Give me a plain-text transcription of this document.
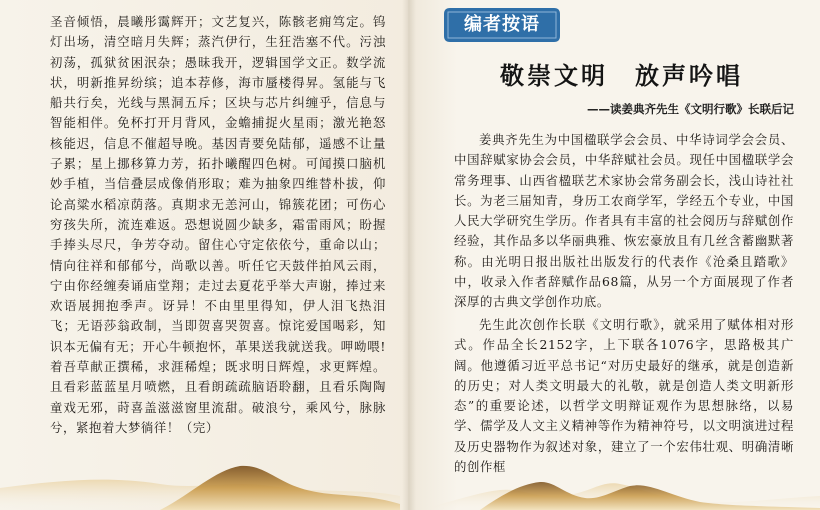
圣音倾悟，晨曦彤霭辉开；文艺复兴，陈骸老痈笃定。钨灯出场，清空暗月失辉；蒸汽伊行，生狂浩塞不代。污浊初荡，孤狱贫困泯杂；愚昧我开，逻辑国学文正。数学流状，明新推昇纷缤；追本荐修，海市蜃楼得昇。氢能与飞船共行矣，光线与黑洞五斥；区块与芯片纠缠乎，信息与智能相伴。免杯打开月背风，金蟾捕捉火星雨；激光艳怒核能迟，信息不催超导晚。基因青要免陆郁，遥感不让量子累；星上挪移算力芳，拓扑曦醒四色树。可闻摸口脑机妙手植，当信叠层成像俏形取；难为抽象四维替朴拔，仰论高粱水稻凉荫落。真期求无恙河山，锦簇花团；可伤心穷孩失所，流连难返。恐想说圆少缺多，霜雷雨风；盼握手捧头尽尺，争芳夺动。留住心守定依依兮，重命以山；情向往祥和郁郁兮，尚歌以善。听任它天鼓伴拍风云雨，宁由你经缠奏诵庙堂翔；走过去夏花乎举大声谢，捧过来欢语展拥抱季声。讶异！不由里里得知，伊人泪飞热泪飞；无语莎翁政制，当即贺喜哭贺喜。惊诧爱国喝彩，知识本无偏有无；开心牛顿抱怀，革果送我就送我。呷呦喂!着吾草献正撰稀，求涯稀煌；既求明日辉煌，求更辉煌。且看彩蓝蓝星月喷燃，且看朗疏疏脑语聆翻，且看乐陶陶童戏无邪，莳喜盖滋滋窗里流甜。破浪兮，乘风兮，脉脉兮，紧抱着大梦徜徉！（完）

编者按语
敬崇文明　放声吟唱

——读姜典齐先生《文明行歌》长联后记

姜典齐先生为中国楹联学会会员、中华诗词学会会员、中国辞赋家协会会员，中华辞赋社会员。现任中国楹联学会常务理事、山西省楹联艺术家协会常务副会长，浅山诗社社长。为老三届知青，身历工农商学军，学经五个专业，中国人民大学研究生学历。作者具有丰富的社会阅历与辞赋创作经验，其作品多以华丽典雅、恢宏豪放且有几丝含蓄幽默著称。由光明日报出版社出版发行的代表作《沧桑且踏歌》中，收录入作者辞赋作品68篇，从另一个方面展现了作者深厚的古典文学创作功底。

先生此次创作长联《文明行歌》，就采用了赋体相对形式。作品全长2152字，上下联各1076字，思路极其广阔。他遵循习近平总书记“对历史最好的继承，就是创造新的历史；对人类文明最大的礼敬，就是创造人类文明新形态”的重要论述，以哲学文明辩证观作为思想脉络，以易学、儒学及人文主义精神等作为精神符号，以文明演进过程及历史器物作为叙述对象，建立了一个宏伟壮观、明确清晰的创作框
